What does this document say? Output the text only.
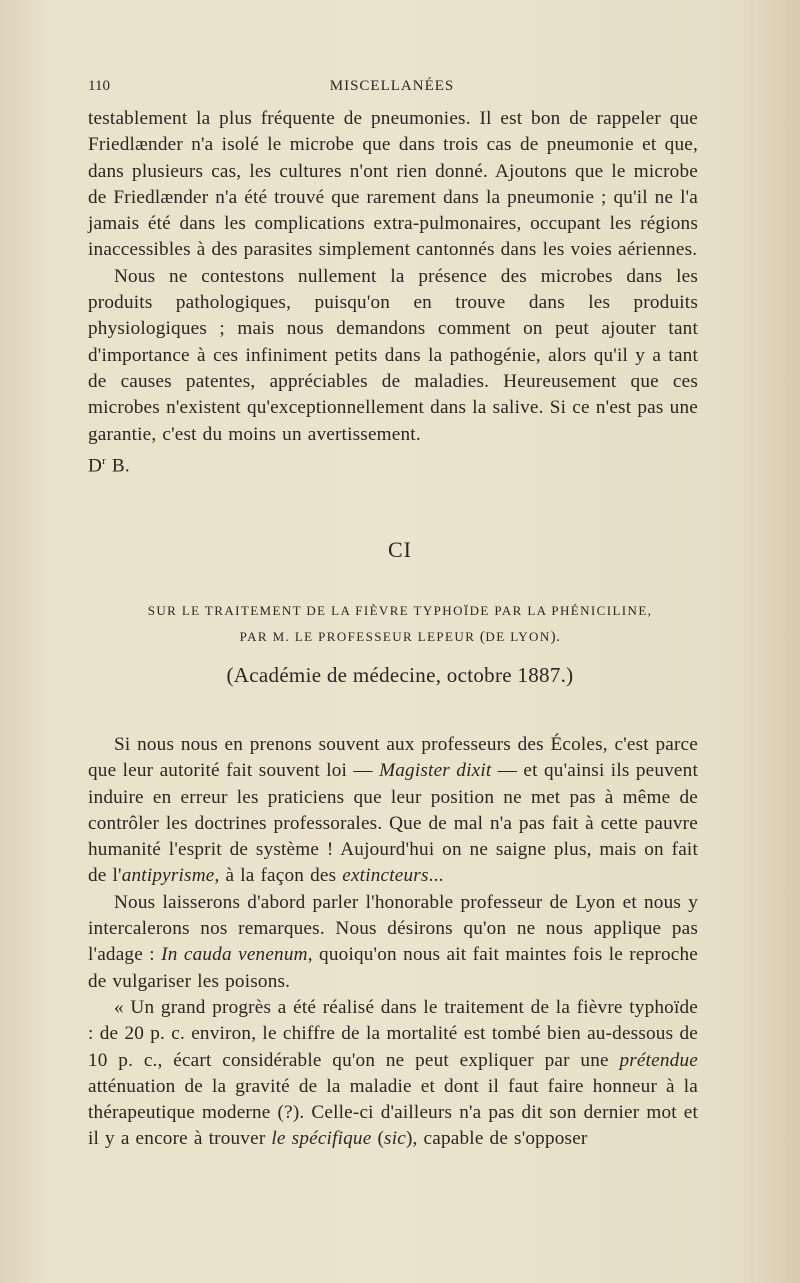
110	MISCELLANÉES

testablement la plus fréquente de pneumonies. Il est bon de rappeler que Friedlænder n'a isolé le microbe que dans trois cas de pneumonie et que, dans plusieurs cas, les cultures n'ont rien donné. Ajoutons que le microbe de Friedlænder n'a été trouvé que rarement dans la pneumonie ; qu'il ne l'a jamais été dans les complications extra-pulmonaires, occupant les régions inaccessibles à des parasites simplement cantonnés dans les voies aériennes.

Nous ne contestons nullement la présence des microbes dans les produits pathologiques, puisqu'on en trouve dans les produits physiologiques ; mais nous demandons comment on peut ajouter tant d'importance à ces infiniment petits dans la pathogénie, alors qu'il y a tant de causes patentes, appréciables de maladies. Heureusement que ces microbes n'existent qu'exceptionnellement dans la salive. Si ce n'est pas une garantie, c'est du moins un avertissement.

$D^r$ B.

CI
SUR LE TRAITEMENT DE LA FIÈVRE TYPHOÏDE PAR LA PHÉNICILINE,
PAR M. LE PROFESSEUR LEPEUR (DE LYON).
(Académie de médecine, octobre 1887.)

Si nous nous en prenons souvent aux professeurs des Écoles, c'est parce que leur autorité fait souvent loi — Magister dixit — et qu'ainsi ils peuvent induire en erreur les praticiens que leur position ne met pas à même de contrôler les doctrines professorales. Que de mal n'a pas fait à cette pauvre humanité l'esprit de système ! Aujourd'hui on ne saigne plus, mais on fait de l'antipyrisme, à la façon des extincteurs...

Nous laisserons d'abord parler l'honorable professeur de Lyon et nous y intercalerons nos remarques. Nous désirons qu'on ne nous applique pas l'adage : In cauda venenum, quoiqu'on nous ait fait maintes fois le reproche de vulgariser les poisons.

« Un grand progrès a été réalisé dans le traitement de la fièvre typhoïde : de 20 p. c. environ, le chiffre de la mortalité est tombé bien au-dessous de 10 p. c., écart considérable qu'on ne peut expliquer par une prétendue atténuation de la gravité de la maladie et dont il faut faire honneur à la thérapeutique moderne (?). Celle-ci d'ailleurs n'a pas dit son dernier mot et il y a encore à trouver le spécifique (sic), capable de s'opposer
